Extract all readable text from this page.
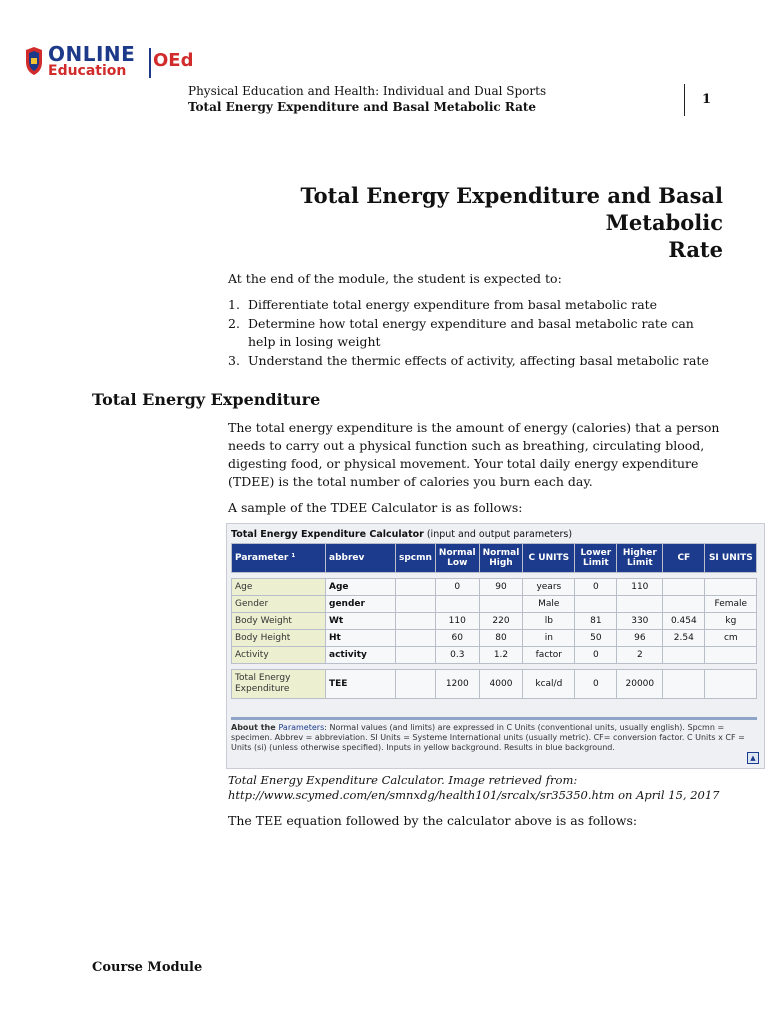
ONLINE
Education OEd
Physical Education and Health: Individual and Dual Sports
Total Energy Expenditure and Basal Metabolic Rate	1
Total Energy Expenditure and Basal Metabolic
Rate
At the end of the module, the student is expected to:
1. Differentiate total energy expenditure from basal metabolic rate
2. Determine how total energy expenditure and basal metabolic rate can help in losing weight
3. Understand the thermic effects of activity, affecting basal metabolic rate
Total Energy Expenditure
The total energy expenditure is the amount of energy (calories) that a person needs to carry out a physical function such as breathing, circulating blood, digesting food, or physical movement. Your total daily energy expenditure (TDEE) is the total number of calories you burn each day.
A sample of the TDEE Calculator is as follows:
Total Energy Expenditure Calculator (input and output parameters)
Parameter ¹	abbrev	spcmn	Normal Low	Normal High	C UNITS	Lower Limit	Higher Limit	CF	SI UNITS

Age	Age		0	90	years	0	110		
Gender	gender				Male				Female
Body Weight	Wt		110	220	lb	81	330	0.454	kg
Body Height	Ht		60	80	in	50	96	2.54	cm
Activity	activity		0.3	1.2	factor	0	2		

Total Energy Expenditure	TEE		1200	4000	kcal/d	0	20000		
About the Parameters: Normal values (and limits) are expressed in C Units (conventional units, usually english). Spcmn = specimen. Abbrev = abbreviation. SI Units = Systeme International units (usually metric). CF= conversion factor. C Units x CF = Units (si) (unless otherwise specified). Inputs in yellow background. Results in blue background.
▲
Total Energy Expenditure Calculator. Image retrieved from:
http://www.scymed.com/en/smnxdg/health101/srcalx/sr35350.htm on April 15, 2017
The TEE equation followed by the calculator above is as follows:
Course Module
